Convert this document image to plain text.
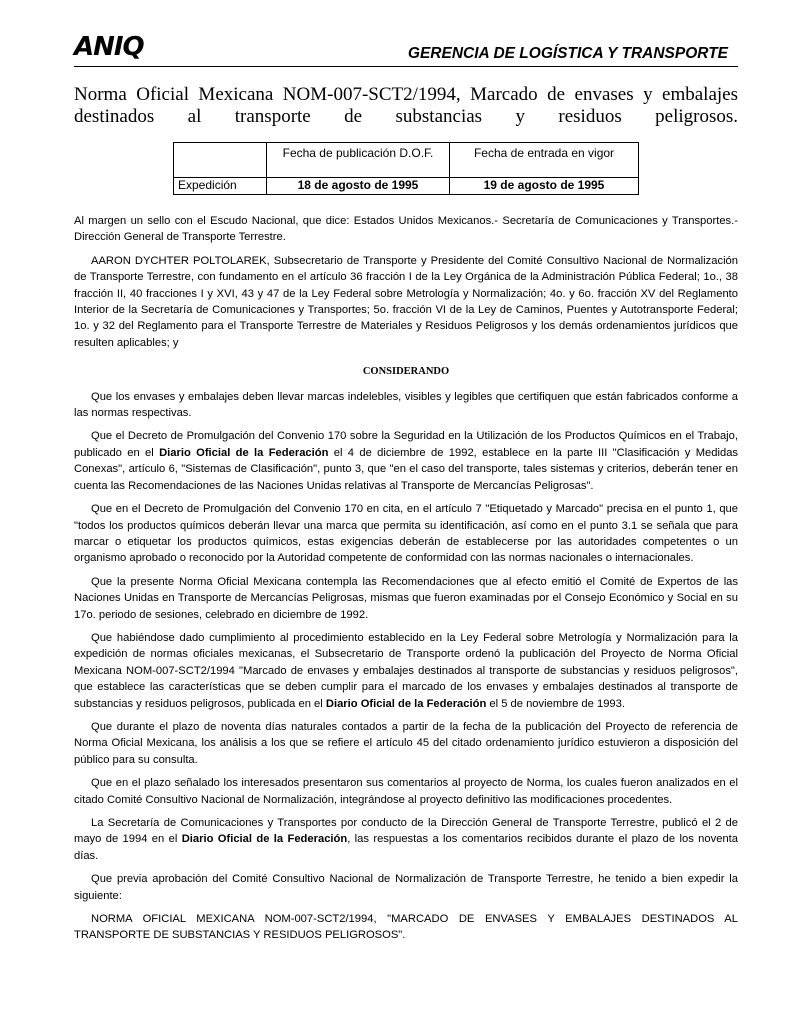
ANIQ	GERENCIA DE LOGÍSTICA Y TRANSPORTE
Norma Oficial Mexicana NOM-007-SCT2/1994, Marcado de envases y embalajes
destinados al transporte de substancias y residuos peligrosos.
	Fecha de publicación D.O.F.	Fecha de entrada en vigor
Expedición	18 de agosto de 1995	19 de agosto de 1995

Al margen un sello con el Escudo Nacional, que dice: Estados Unidos Mexicanos.- Secretaría de Comunicaciones y Transportes.- Dirección General de Transporte Terrestre.

AARON DYCHTER POLTOLAREK, Subsecretario de Transporte y Presidente del Comité Consultivo Nacional de Normalización de Transporte Terrestre, con fundamento en el artículo 36 fracción I de la Ley Orgánica de la Administración Pública Federal; 1o., 38 fracción II, 40 fracciones I y XVI, 43 y 47 de la Ley Federal sobre Metrología y Normalización; 4o. y 6o. fracción XV del Reglamento Interior de la Secretaría de Comunicaciones y Transportes; 5o. fracción VI de la Ley de Caminos, Puentes y Autotransporte Federal; 1o. y 32 del Reglamento para el Transporte Terrestre de Materiales y Residuos Peligrosos y los demás ordenamientos jurídicos que resulten aplicables; y

CONSIDERANDO

Que los envases y embalajes deben llevar marcas indelebles, visibles y legibles que certifiquen que están fabricados conforme a las normas respectivas.

Que el Decreto de Promulgación del Convenio 170 sobre la Seguridad en la Utilización de los Productos Químicos en el Trabajo, publicado en el Diario Oficial de la Federación el 4 de diciembre de 1992, establece en la parte III "Clasificación y Medidas Conexas", artículo 6, "Sistemas de Clasificación", punto 3, que "en el caso del transporte, tales sistemas y criterios, deberán tener en cuenta las Recomendaciones de las Naciones Unidas relativas al Transporte de Mercancías Peligrosas".

Que en el Decreto de Promulgación del Convenio 170 en cita, en el artículo 7 "Etiquetado y Marcado" precisa en el punto 1, que "todos los productos químicos deberán llevar una marca que permita su identificación, así como en el punto 3.1 se señala que para marcar o etiquetar los productos químicos, estas exigencias deberán de establecerse por las autoridades competentes o un organismo aprobado o reconocido por la Autoridad competente de conformidad con las normas nacionales o internacionales.

Que la presente Norma Oficial Mexicana contempla las Recomendaciones que al efecto emitió el Comité de Expertos de las Naciones Unidas en Transporte de Mercancías Peligrosas, mismas que fueron examinadas por el Consejo Económico y Social en su 17o. periodo de sesiones, celebrado en diciembre de 1992.

Que habiéndose dado cumplimiento al procedimiento establecido en la Ley Federal sobre Metrología y Normalización para la expedición de normas oficiales mexicanas, el Subsecretario de Transporte ordenó la publicación del Proyecto de Norma Oficial Mexicana NOM-007-SCT2/1994 "Marcado de envases y embalajes destinados al transporte de substancias y residuos peligrosos", que establece las características que se deben cumplir para el marcado de los envases y embalajes destinados al transporte de substancias y residuos peligrosos, publicada en el Diario Oficial de la Federación el 5 de noviembre de 1993.

Que durante el plazo de noventa días naturales contados a partir de la fecha de la publicación del Proyecto de referencia de Norma Oficial Mexicana, los análisis a los que se refiere el artículo 45 del citado ordenamiento jurídico estuvieron a disposición del público para su consulta.

Que en el plazo señalado los interesados presentaron sus comentarios al proyecto de Norma, los cuales fueron analizados en el citado Comité Consultivo Nacional de Normalización, integrándose al proyecto definitivo las modificaciones procedentes.

La Secretaría de Comunicaciones y Transportes por conducto de la Dirección General de Transporte Terrestre, publicó el 2 de mayo de 1994 en el Diario Oficial de la Federación, las respuestas a los comentarios recibidos durante el plazo de los noventa días.

Que previa aprobación del Comité Consultivo Nacional de Normalización de Transporte Terrestre, he tenido a bien expedir la siguiente:

NORMA OFICIAL MEXICANA NOM-007-SCT2/1994, "MARCADO DE ENVASES Y EMBALAJES DESTINADOS AL TRANSPORTE DE SUBSTANCIAS Y RESIDUOS PELIGROSOS".
